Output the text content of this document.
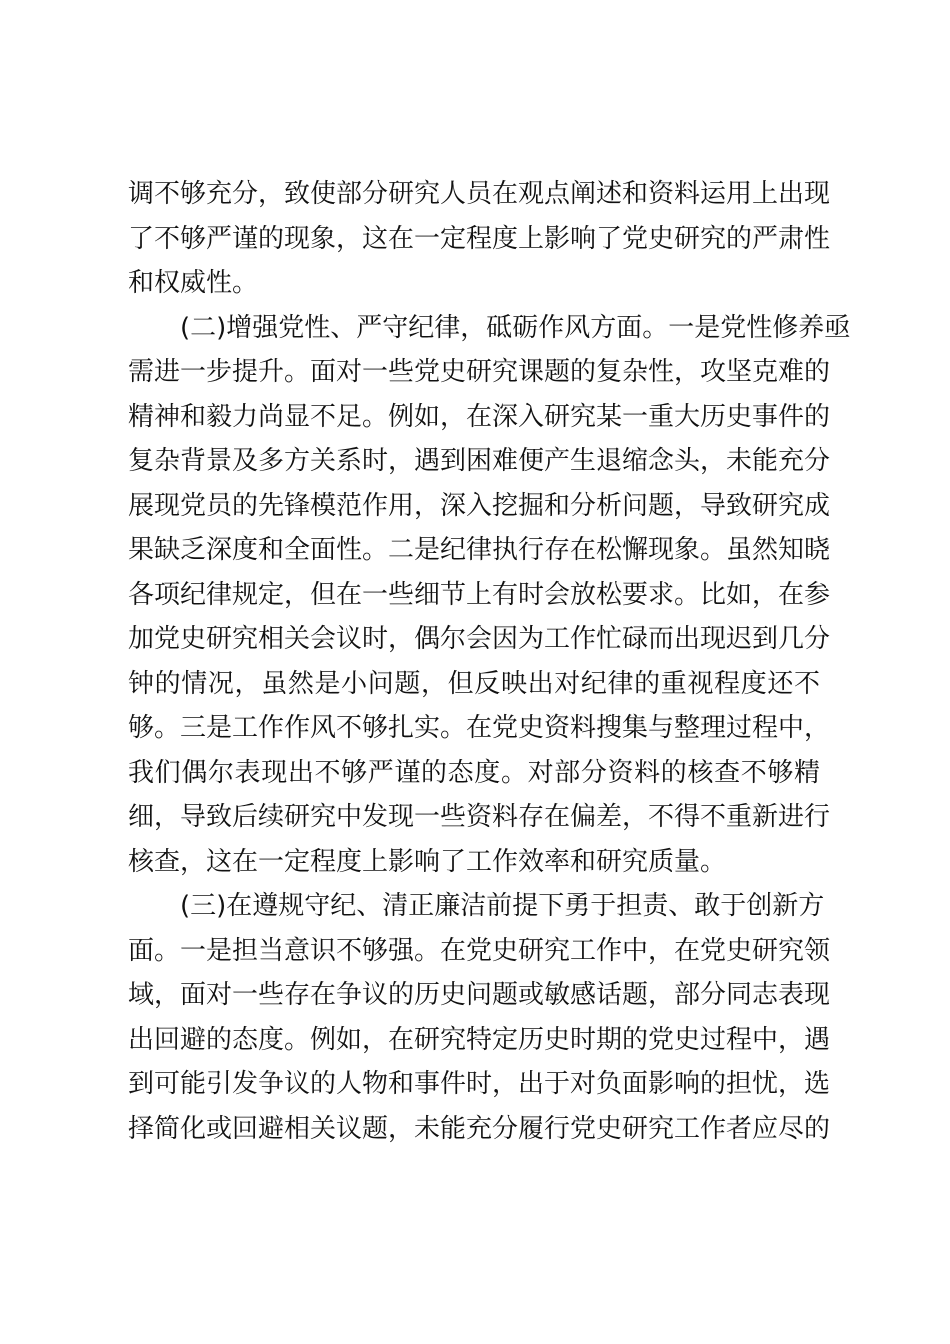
调不够充分，致使部分研究人员在观点阐述和资料运用上出现
了不够严谨的现象，这在一定程度上影响了党史研究的严肃性
和权威性。
(二)增强党性、严守纪律，砥砺作风方面。一是党性修养亟
需进一步提升。面对一些党史研究课题的复杂性，攻坚克难的
精神和毅力尚显不足。例如，在深入研究某一重大历史事件的
复杂背景及多方关系时，遇到困难便产生退缩念头，未能充分
展现党员的先锋模范作用，深入挖掘和分析问题，导致研究成
果缺乏深度和全面性。二是纪律执行存在松懈现象。虽然知晓
各项纪律规定，但在一些细节上有时会放松要求。比如，在参
加党史研究相关会议时，偶尔会因为工作忙碌而出现迟到几分
钟的情况，虽然是小问题，但反映出对纪律的重视程度还不
够。三是工作作风不够扎实。在党史资料搜集与整理过程中，
我们偶尔表现出不够严谨的态度。对部分资料的核查不够精
细，导致后续研究中发现一些资料存在偏差，不得不重新进行
核查，这在一定程度上影响了工作效率和研究质量。
(三)在遵规守纪、清正廉洁前提下勇于担责、敢于创新方
面。一是担当意识不够强。在党史研究工作中，在党史研究领
域，面对一些存在争议的历史问题或敏感话题，部分同志表现
出回避的态度。例如，在研究特定历史时期的党史过程中，遇
到可能引发争议的人物和事件时，出于对负面影响的担忧，选
择简化或回避相关议题，未能充分履行党史研究工作者应尽的
